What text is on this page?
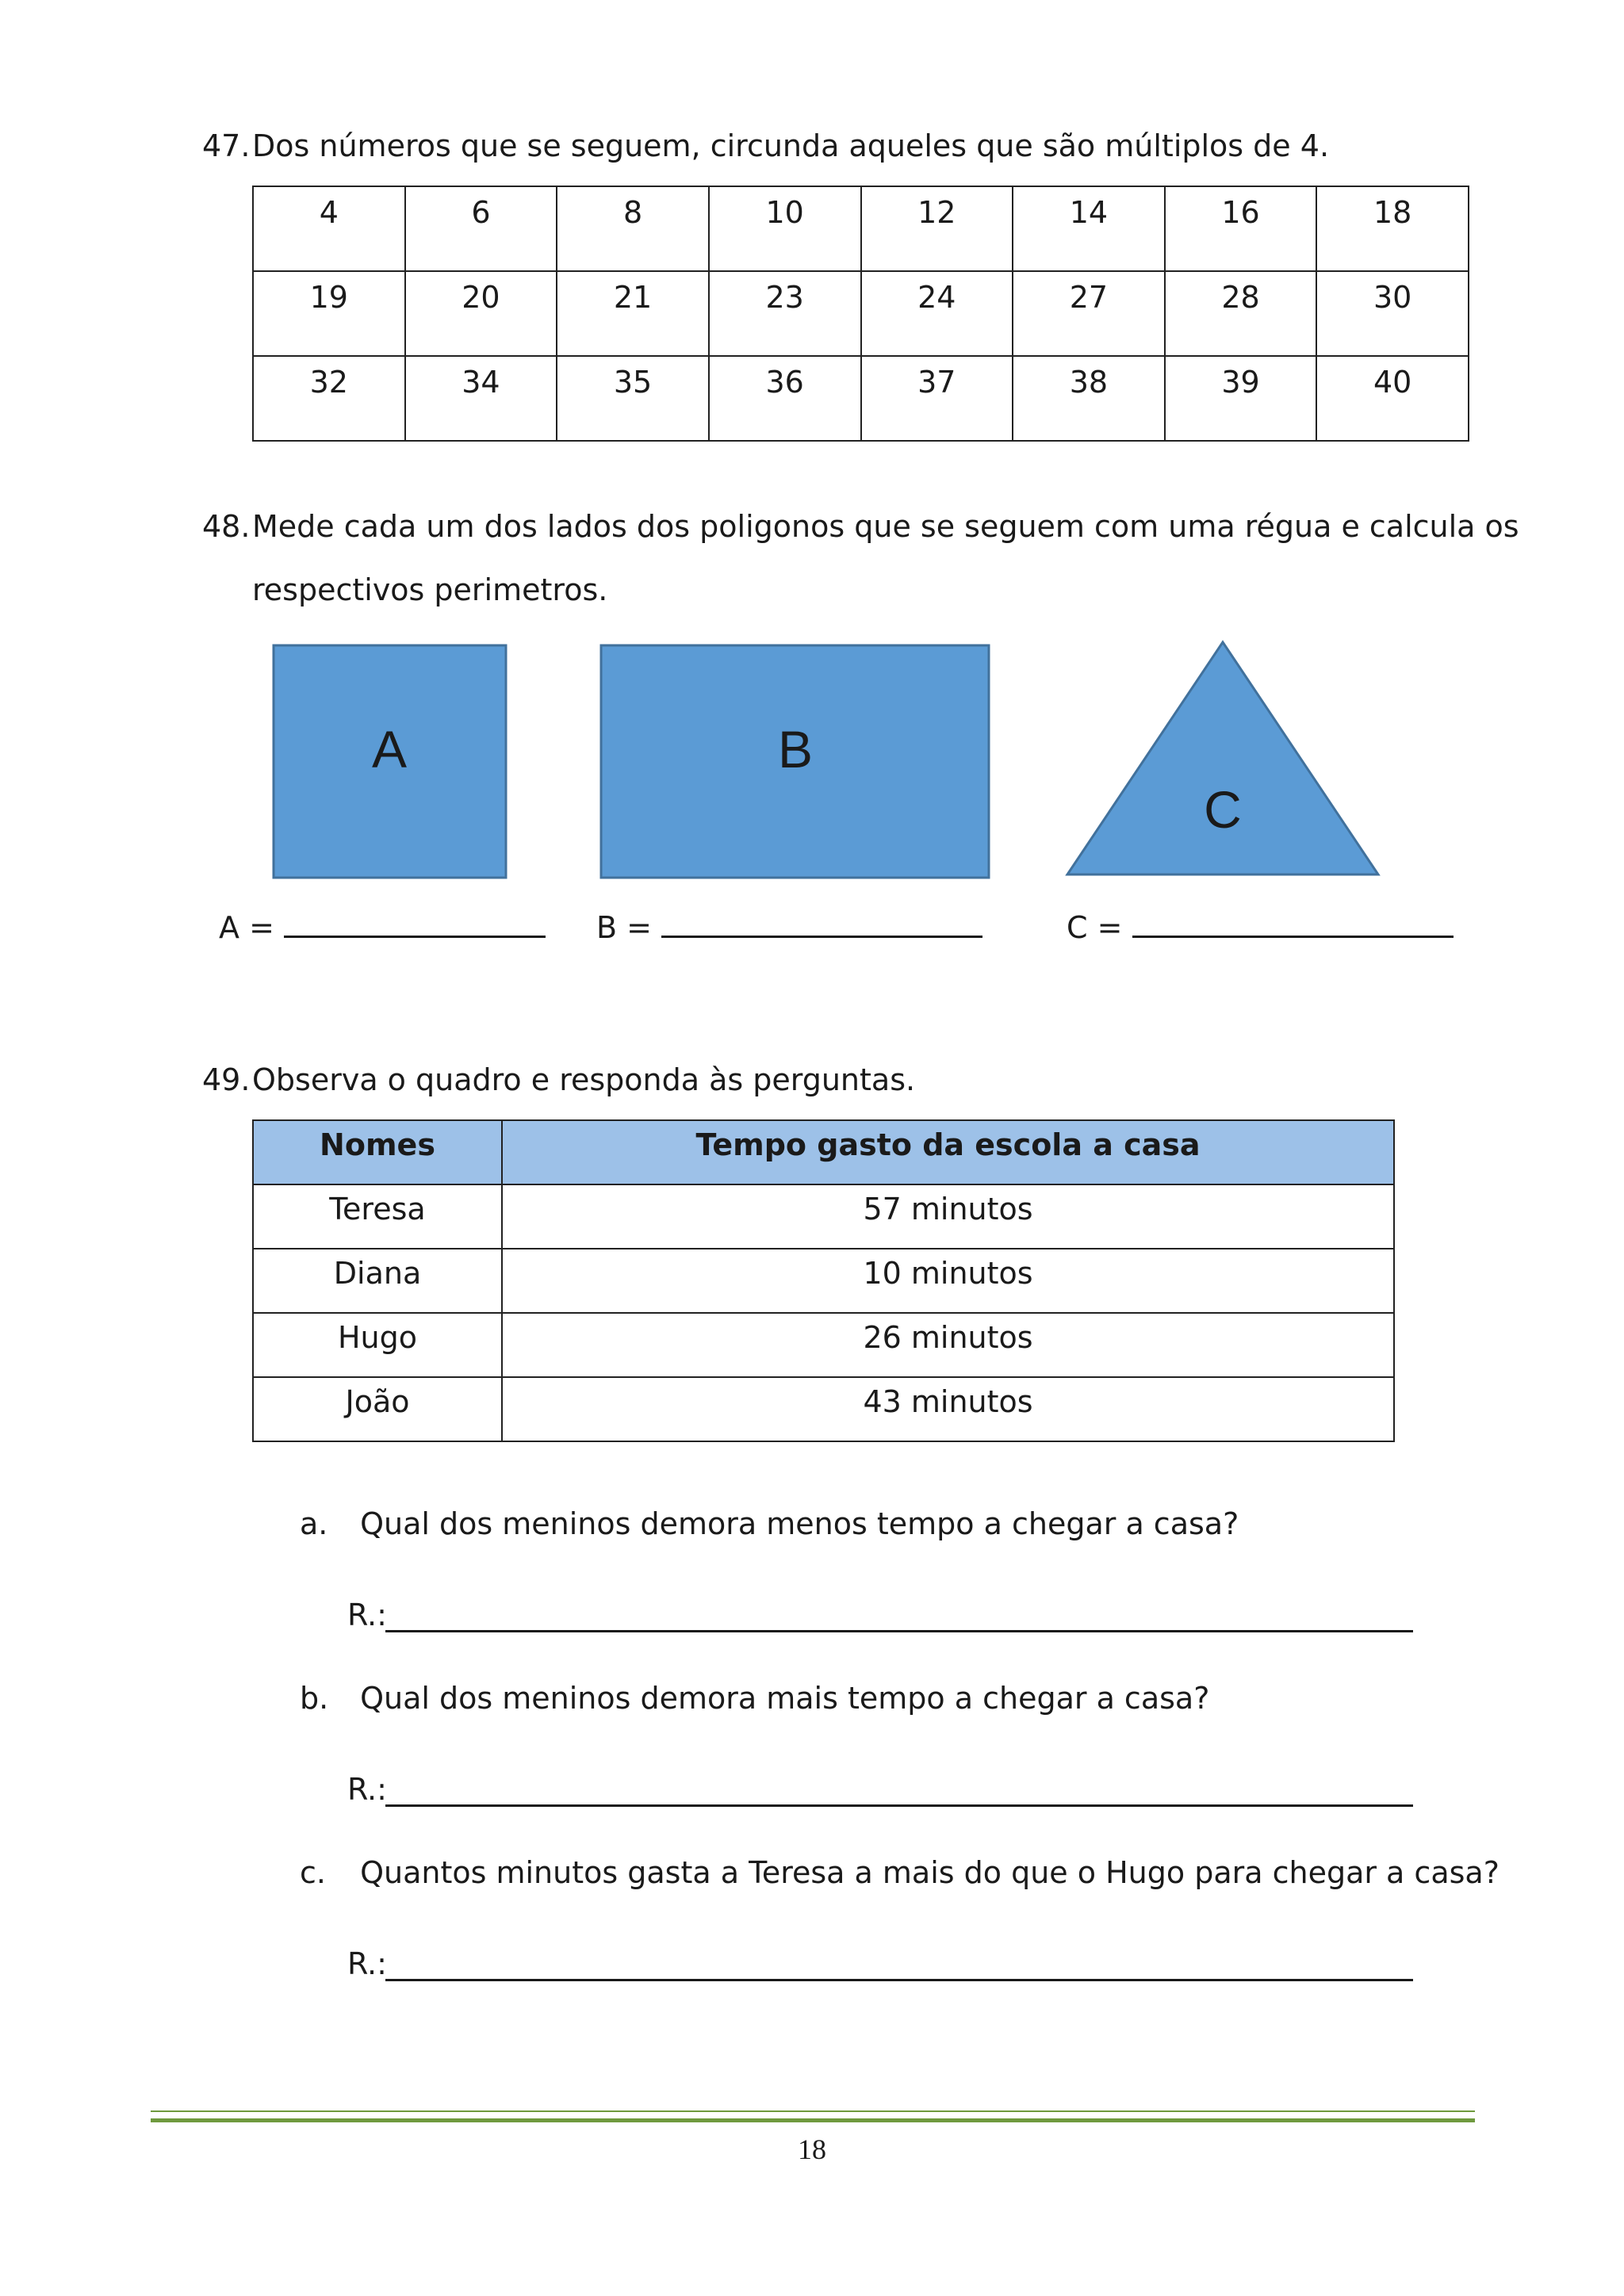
47. Dos números que se seguem, circunda aqueles que são múltiplos de 4.
4	6	8	10	12	14	16	18
19	20	21	23	24	27	28	30
32	34	35	36	37	38	39	40
48. Mede cada um dos lados dos poligonos que se seguem com uma régua e calcula os
respectivos perimetros.
A	B
C
A =	B =	C =
49. Observa o quadro e responda às perguntas.
Nomes	Tempo gasto da escola a casa
Teresa	57 minutos
Diana	10 minutos
Hugo	26 minutos
João	43 minutos
a. Qual dos meninos demora menos tempo a chegar a casa?
R.:
b. Qual dos meninos demora mais tempo a chegar a casa?
R.:
c. Quantos minutos gasta a Teresa a mais do que o Hugo para chegar a casa?
R.:
18
